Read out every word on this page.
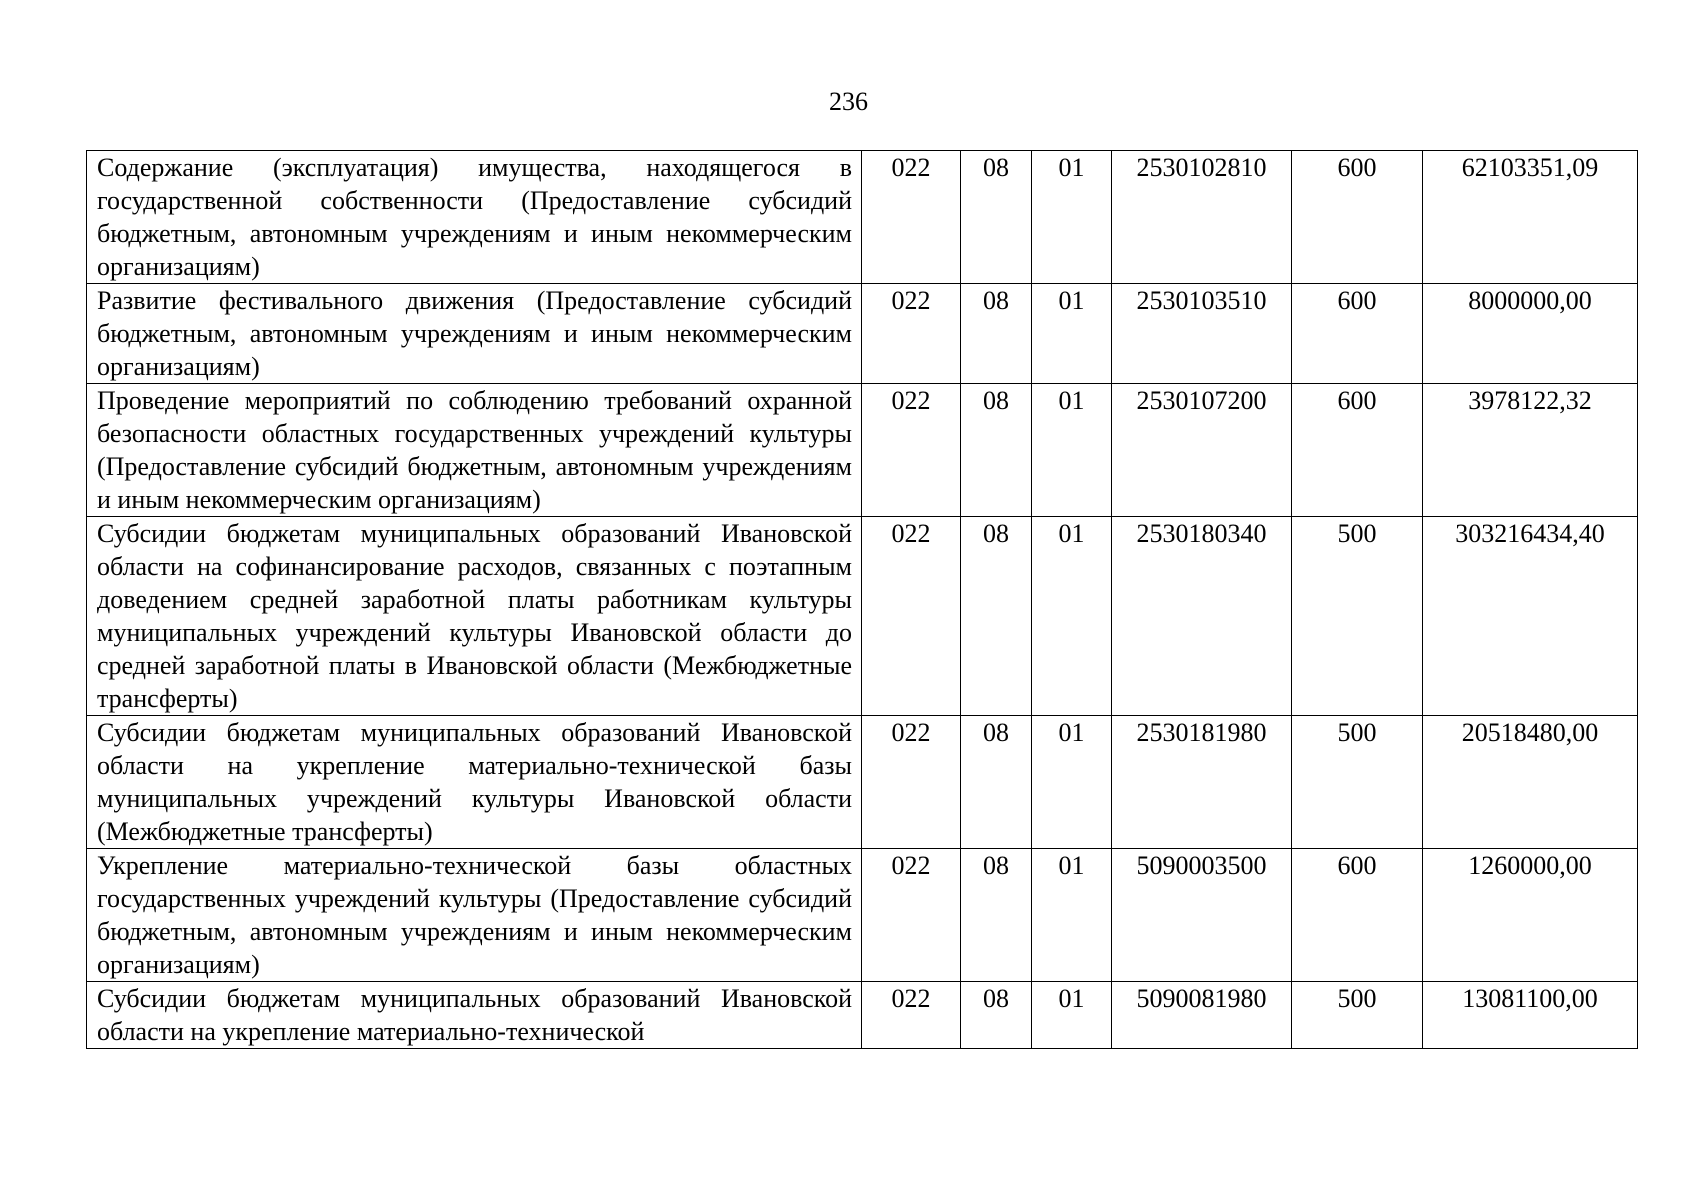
236
Содержание (эксплуатация) имущества, находящегося в государственной собственности (Предоставление субсидий бюджетным, автономным учреждениям и иным некоммерческим организациям)	022	08	01	2530102810	600	62103351,09
Развитие фестивального движения (Предоставление субсидий бюджетным, автономным учреждениям и иным некоммерческим организациям)	022	08	01	2530103510	600	8000000,00
Проведение мероприятий по соблюдению требований охранной безопасности областных государственных учреждений культуры (Предоставление субсидий бюджетным, автономным учреждениям и иным некоммерческим организациям)	022	08	01	2530107200	600	3978122,32
Субсидии бюджетам муниципальных образований Ивановской области на софинансирование расходов, связанных с поэтапным доведением средней заработной платы работникам культуры муниципальных учреждений культуры Ивановской области до средней заработной платы в Ивановской области (Межбюджетные трансферты)	022	08	01	2530180340	500	303216434,40
Субсидии бюджетам муниципальных образований Ивановской области на укрепление материально-технической базы муниципальных учреждений культуры Ивановской области (Межбюджетные трансферты)	022	08	01	2530181980	500	20518480,00
Укрепление материально-технической базы областных государственных учреждений культуры (Предоставление субсидий бюджетным, автономным учреждениям и иным некоммерческим организациям)	022	08	01	5090003500	600	1260000,00
Субсидии бюджетам муниципальных образований Ивановской области на укрепление материально-технической	022	08	01	5090081980	500	13081100,00
